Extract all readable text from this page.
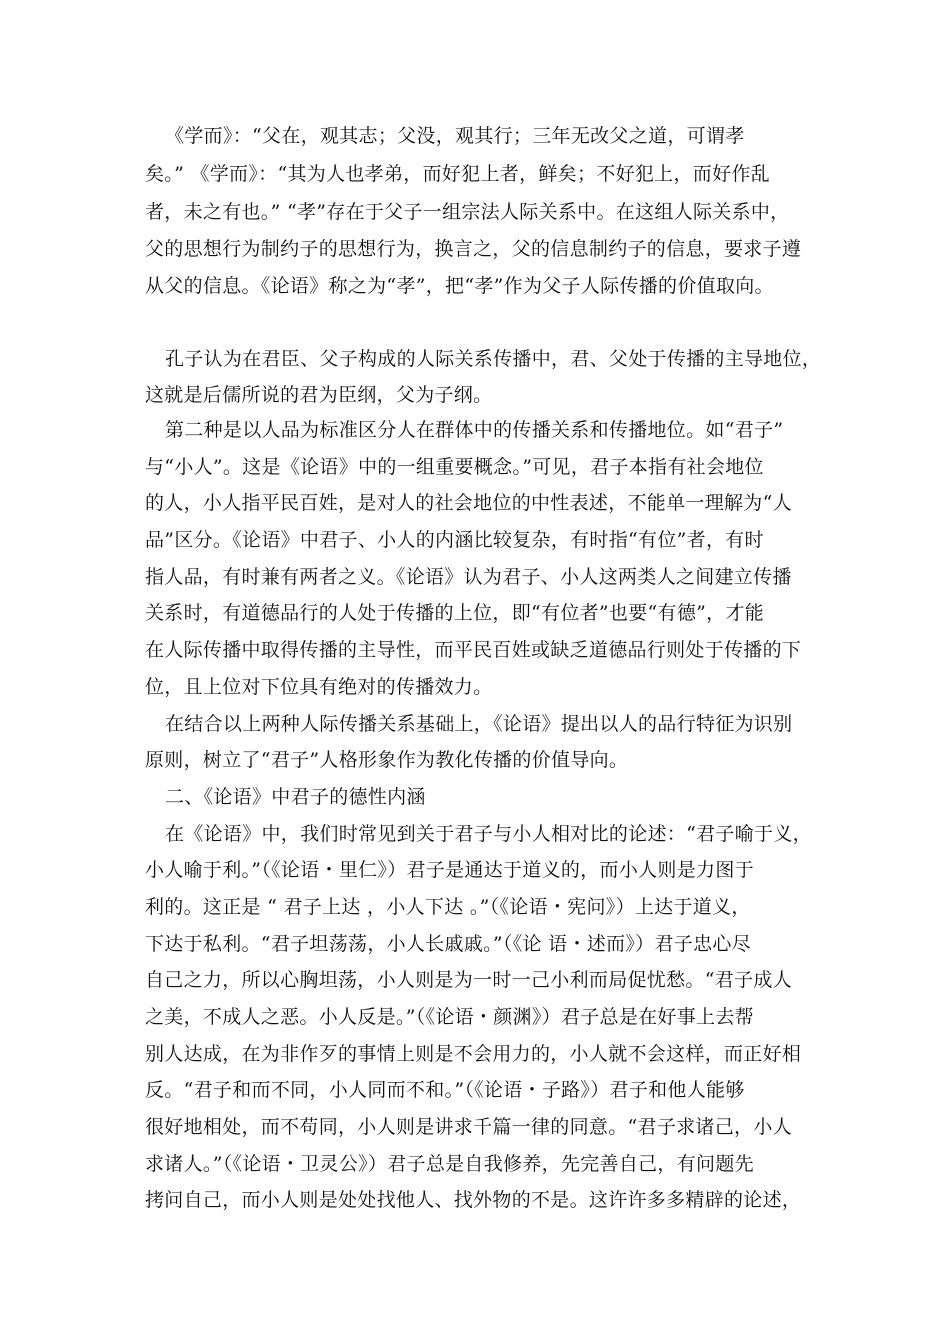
《学而》：“父在，观其志；父没，观其行；三年无改父之道，可谓孝
矣。” 《学而》：“其为人也孝弟，而好犯上者，鲜矣；不好犯上，而好作乱
者，未之有也。” “孝”存在于父子一组宗法人际关系中。在这组人际关系中，
父的思想行为制约子的思想行为，换言之，父的信息制约子的信息，要求子遵
从父的信息。《论语》称之为“孝”，把“孝”作为父子人际传播的价值取向。
孔子认为在君臣、父子构成的人际关系传播中，君、父处于传播的主导地位，
这就是后儒所说的君为臣纲，父为子纲。
第二种是以人品为标准区分人在群体中的传播关系和传播地位。如“君子”
与“小人”。这是《论语》中的一组重要概念。”可见，君子本指有社会地位
的人，小人指平民百姓，是对人的社会地位的中性表述，不能单一理解为“人
品”区分。《论语》中君子、小人的内涵比较复杂，有时指“有位”者，有时
指人品，有时兼有两者之义。《论语》认为君子、小人这两类人之间建立传播
关系时，有道德品行的人处于传播的上位，即“有位者”也要“有德”，才能
在人际传播中取得传播的主导性，而平民百姓或缺乏道德品行则处于传播的下
位，且上位对下位具有绝对的传播效力。
在结合以上两种人际传播关系基础上，《论语》提出以人的品行特征为识别
原则，树立了“君子”人格形象作为教化传播的价值导向。
二、《论语》中君子的德性内涵
在《论语》中，我们时常见到关于君子与小人相对比的论述：“君子喻于义，
小人喻于利。”（《论语・里仁》）君子是通达于道义的，而小人则是力图于
利的。这正是 “ 君子上达 ，小人下达 。”（《论语・宪问》）上达于道义，
下达于私利。“君子坦荡荡，小人长戚戚。”（《论 语・述而》）君子忠心尽
自己之力，所以心胸坦荡，小人则是为一时一己小利而局促忧愁。“君子成人
之美，不成人之恶。小人反是。”（《论语・颜渊》）君子总是在好事上去帮
别人达成，在为非作歹的事情上则是不会用力的，小人就不会这样，而正好相
反。“君子和而不同，小人同而不和。”（《论语・子路》）君子和他人能够
很好地相处，而不苟同，小人则是讲求千篇一律的同意。“君子求诸己，小人
求诸人。”（《论语・卫灵公》）君子总是自我修养，先完善自己，有问题先
拷问自己，而小人则是处处找他人、找外物的不是。这许许多多精辟的论述，
